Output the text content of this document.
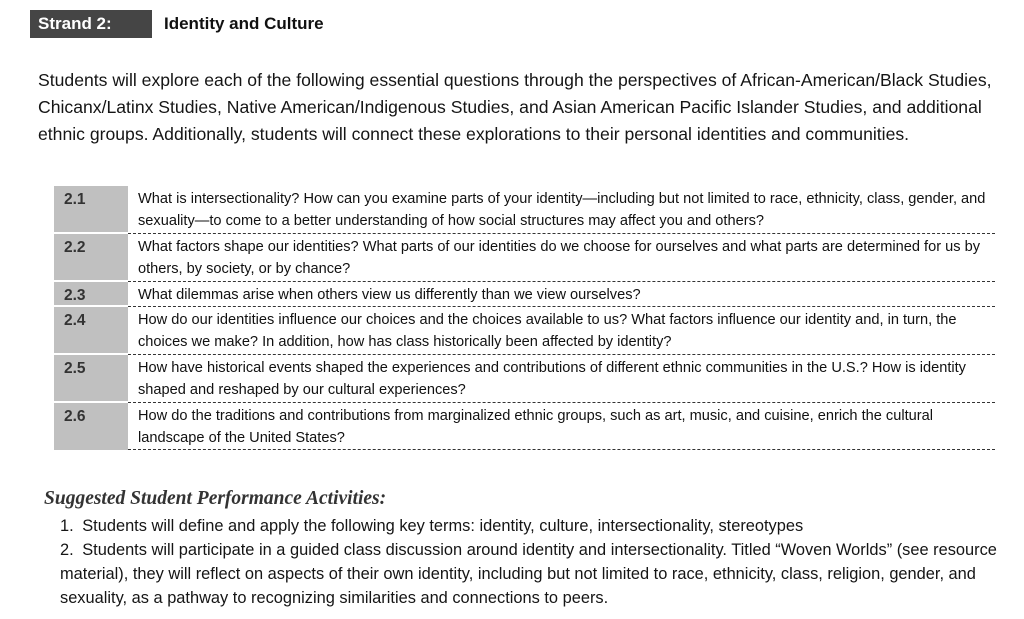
Strand 2:	Identity and Culture

Students will explore each of the following essential questions through the perspectives of African-American/Black Studies, Chicanx/Latinx Studies, Native American/Indigenous Studies, and Asian American Pacific Islander Studies, and additional ethnic groups. Additionally, students will connect these explorations to their personal identities and communities.

2.1	What is intersectionality? How can you examine parts of your identity—including but not limited to race, ethnicity, class, gender, and sexuality—to come to a better understanding of how social structures may affect you and others?
2.2	What factors shape our identities? What parts of our identities do we choose for ourselves and what parts are determined for us by others, by society, or by chance?
2.3	What dilemmas arise when others view us differently than we view ourselves?
2.4	How do our identities influence our choices and the choices available to us? What factors influence our identity and, in turn, the choices we make? In addition, how has class historically been affected by identity?
2.5	How have historical events shaped the experiences and contributions of different ethnic communities in the U.S.? How is identity shaped and reshaped by our cultural experiences?
2.6	How do the traditions and contributions from marginalized ethnic groups, such as art, music, and cuisine, enrich the cultural landscape of the United States?
Suggested Student Performance Activities:
1. Students will define and apply the following key terms: identity, culture, intersectionality, stereotypes
2. Students will participate in a guided class discussion around identity and intersectionality. Titled “Woven Worlds” (see resource material), they will reflect on aspects of their own identity, including but not limited to race, ethnicity, class, religion, gender, and sexuality, as a pathway to recognizing similarities and connections to peers.
